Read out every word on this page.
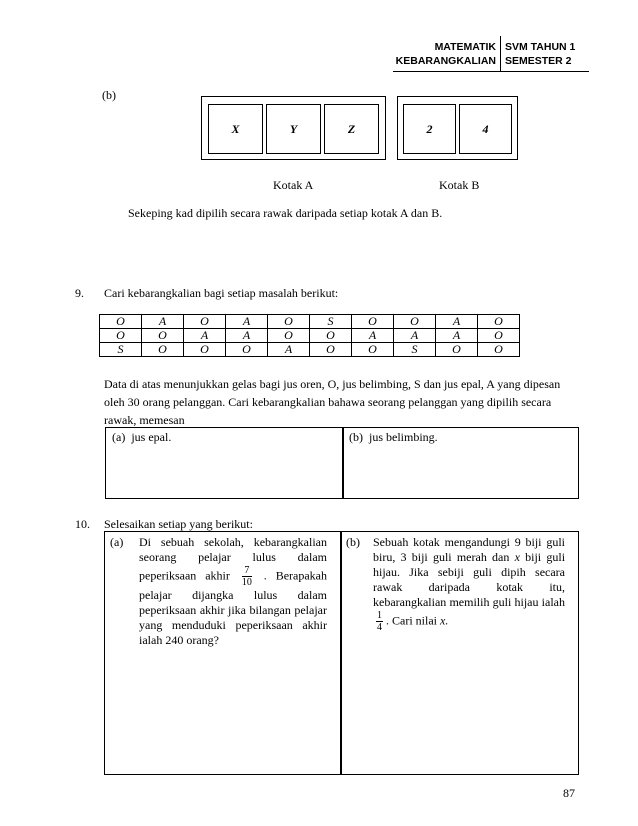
MATEMATIK
KEBARANGKALIAN
SVM TAHUN 1
SEMESTER 2
(b)
X	Y	Z	2	4
Kotak A	Kotak B
Sekeping kad dipilih secara rawak daripada setiap kotak A dan B.
9. Cari kebarangkalian bagi setiap masalah berikut:
O	A	O	A	O	S	O	O	A	O
O	O	A	A	O	O	A	A	A	O
S	O	O	O	A	O	O	S	O	O
Data di atas menunjukkan gelas bagi jus oren, O, jus belimbing, S dan jus epal, A yang dipesan
oleh 30 orang pelanggan. Cari kebarangkalian bahawa seorang pelanggan yang dipilih secara
rawak, memesan
(a) jus epal.	(b) jus belimbing.
10. Selesaikan setiap yang berikut:
(a) Di sebuah sekolah, kebarangkalian seorang pelajar lulus dalam peperiksaan akhir $\frac{7}{10}$ . Berapakah pelajar dijangka lulus dalam peperiksaan akhir jika bilangan pelajar yang menduduki peperiksaan akhir ialah 240 orang?
(b) Sebuah kotak mengandungi 9 biji guli biru, 3 biji guli merah dan x biji guli hijau. Jika sebiji guli dipih secara rawak daripada kotak itu, kebarangkalian memilih guli hijau ialah
$\frac{1}{4}$ . Cari nilai x.
87
